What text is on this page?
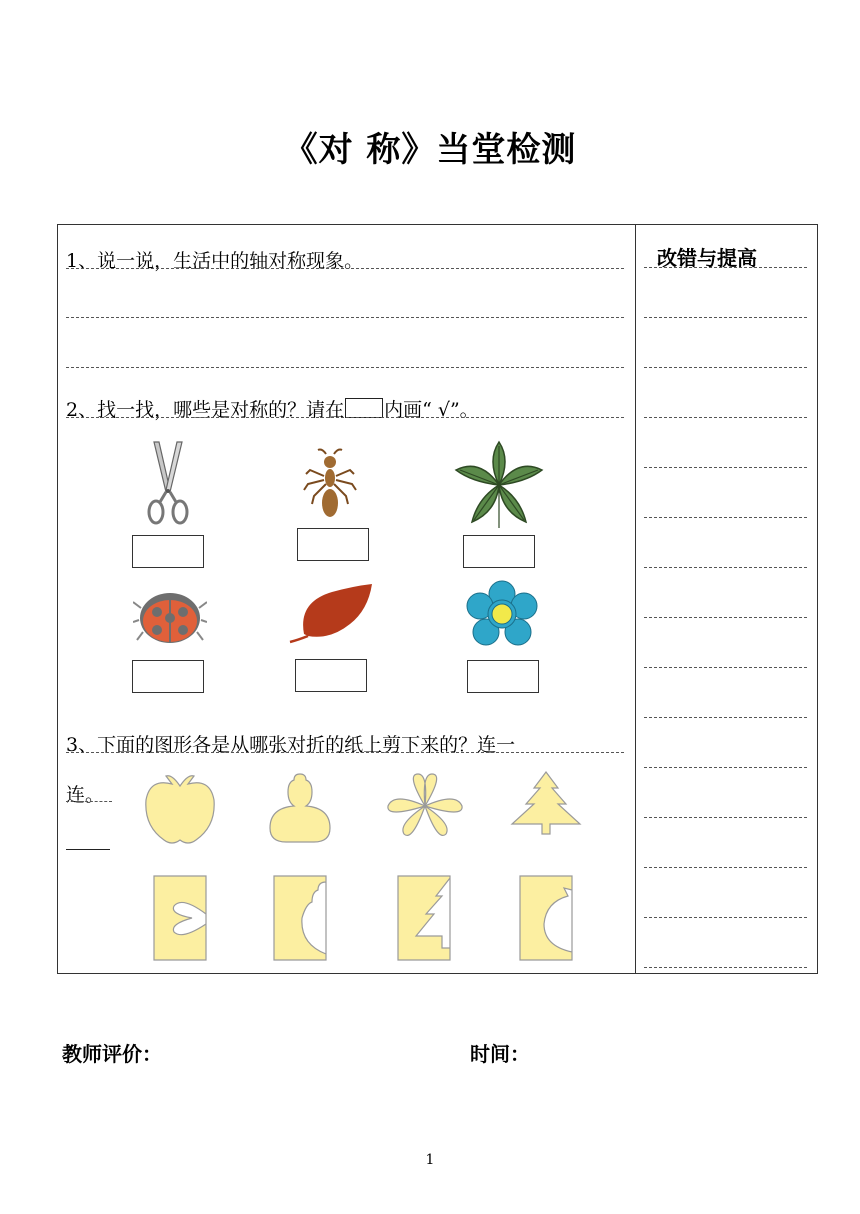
《对 称》当堂检测
改错与提高
1、说一说，生活中的轴对称现象。
2、找一找，哪些是对称的？请在 内画“ √”。
3、下面的图形各是从哪张对折的纸上剪下来的？连一
连。
教师评价：	时间：
1
